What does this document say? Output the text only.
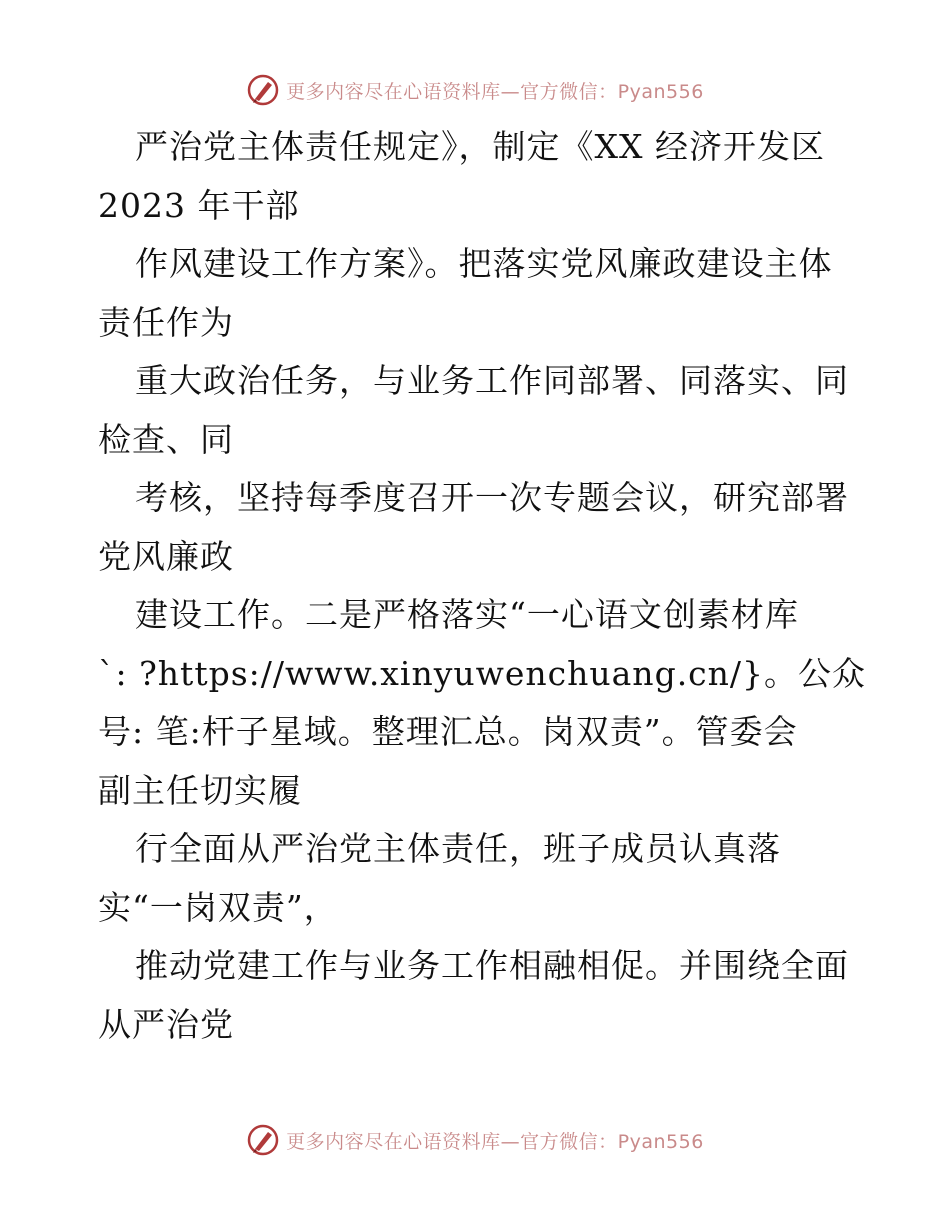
更多内容尽在心语资料库—官方微信：Pyan556
严治党主体责任规定》，制定《XX 经济开发区
2023 年干部
作风建设工作方案》。把落实党风廉政建设主体
责任作为
重大政治任务，与业务工作同部署、同落实、同
检查、同
考核，坚持每季度召开一次专题会议，研究部署
党风廉政
建设工作。二是严格落实“一心语文创素材库
`: ?https://www.xinyuwenchuang.cn/}。公众
号: 笔:杆子星域。整理汇总。岗双责”。管委会
副主任切实履
行全面从严治党主体责任，班子成员认真落
实“一岗双责”，
推动党建工作与业务工作相融相促。并围绕全面
从严治党
更多内容尽在心语资料库—官方微信：Pyan556
